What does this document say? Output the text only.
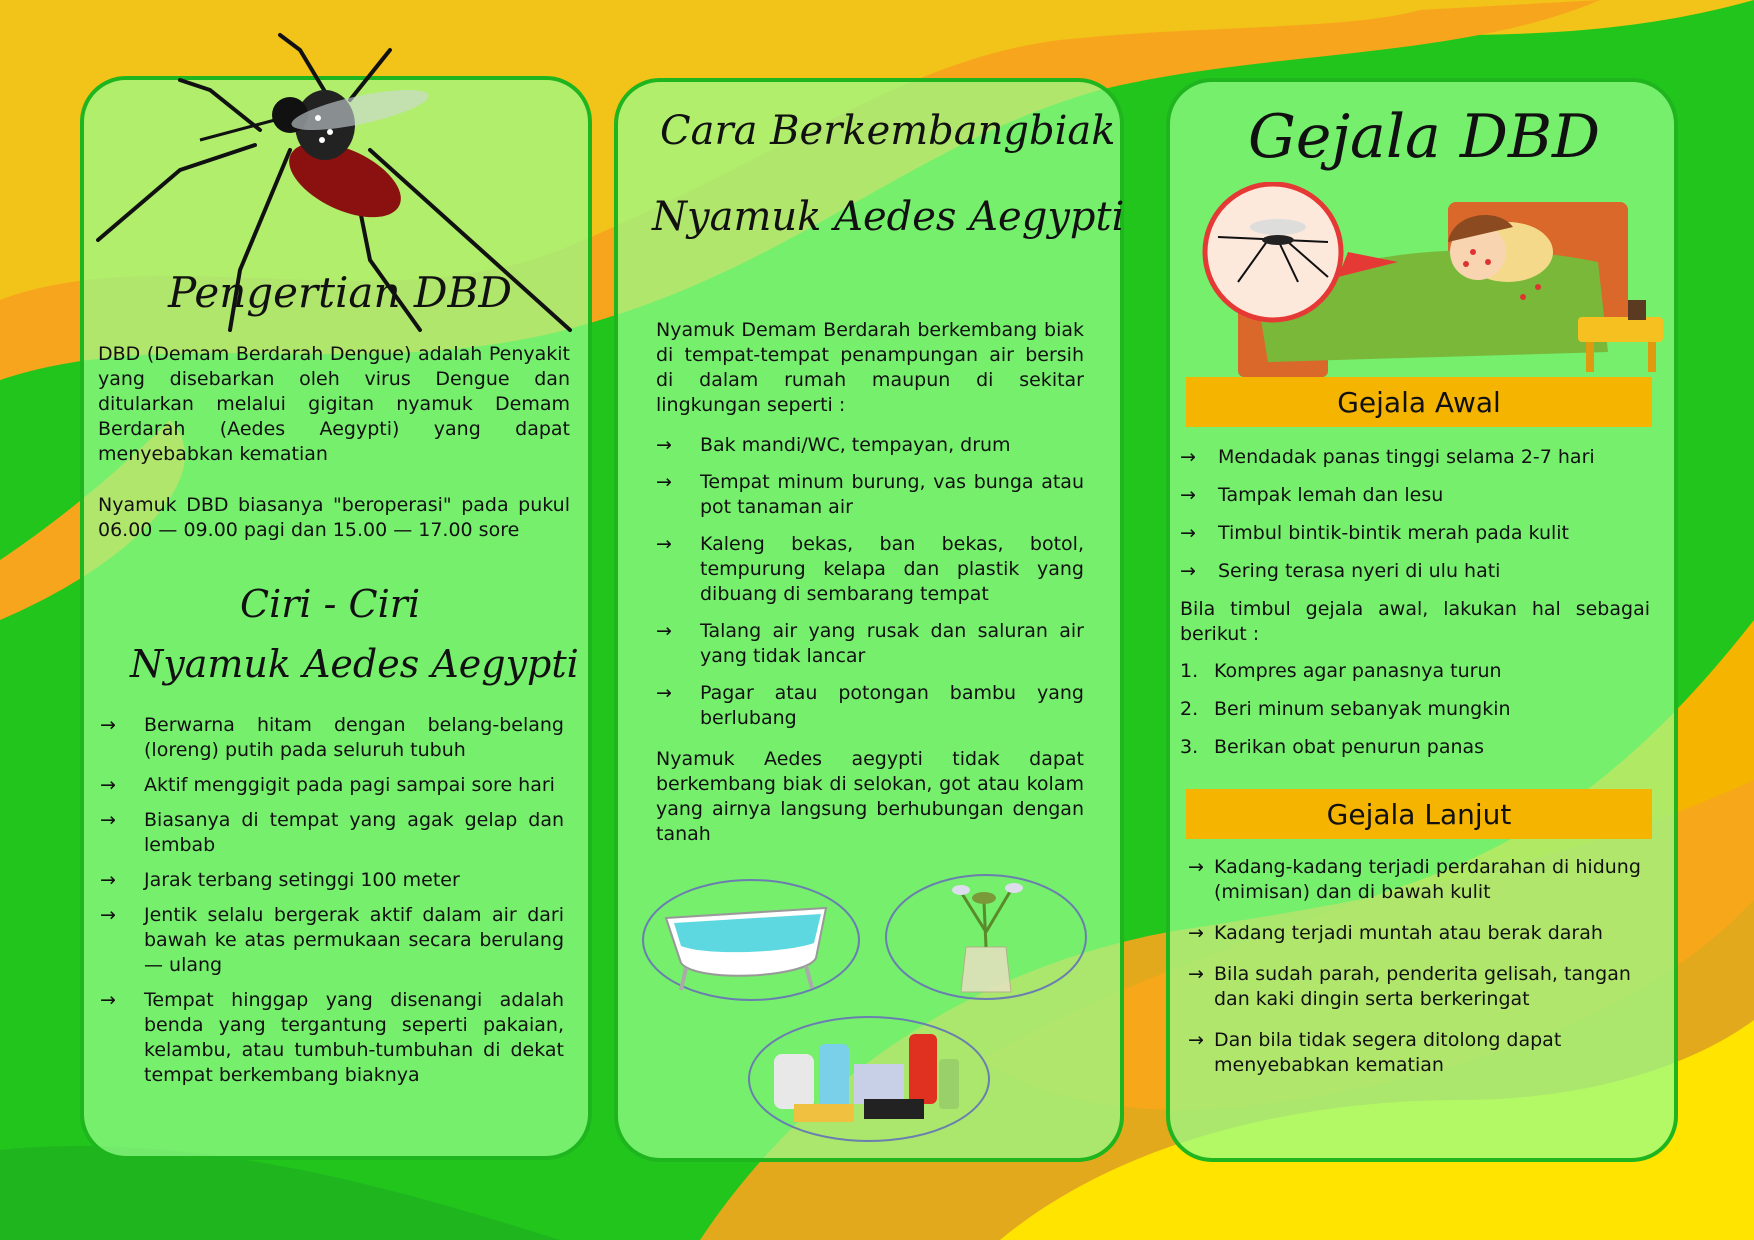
Pengertian DBD

DBD (Demam Berdarah Dengue) adalah Penyakit yang disebarkan oleh virus Dengue dan ditularkan melalui gigitan nyamuk Demam Berdarah (Aedes Aegypti) yang dapat menyebabkan kematian

Nyamuk DBD biasanya "beroperasi" pada pukul 06.00 — 09.00 pagi dan 15.00 — 17.00 sore

Ciri - Ciri
Nyamuk Aedes Aegypti
→ Berwarna hitam dengan belang-belang (loreng) putih pada seluruh tubuh
→ Aktif menggigit pada pagi sampai sore hari
→ Biasanya di tempat yang agak gelap dan lembab
→ Jarak terbang setinggi 100 meter
→ Jentik selalu bergerak aktif dalam air dari bawah ke atas permukaan secara berulang — ulang
→ Tempat hinggap yang disenangi adalah benda yang tergantung seperti pakaian, kelambu, atau tumbuh-tumbuhan di dekat tempat berkembang biaknya
Cara Berkembangbiak
Nyamuk Aedes Aegypti

Nyamuk Demam Berdarah berkembang biak di tempat-tempat penampungan air bersih di dalam rumah maupun di sekitar lingkungan seperti :

→ Bak mandi/WC, tempayan, drum
→ Tempat minum burung, vas bunga atau pot tanaman air
→ Kaleng bekas, ban bekas, botol, tempurung kelapa dan plastik yang dibuang di sembarang tempat
→ Talang air yang rusak dan saluran air yang tidak lancar
→ Pagar atau potongan bambu yang berlubang

Nyamuk Aedes aegypti tidak dapat berkembang biak di selokan, got atau kolam yang airnya langsung berhubungan dengan tanah

Gejala DBD
Gejala Awal
→ Mendadak panas tinggi selama 2-7 hari
→ Tampak lemah dan lesu
→ Timbul bintik-bintik merah pada kulit
→ Sering terasa nyeri di ulu hati

Bila timbul gejala awal, lakukan hal sebagai berikut :

1. Kompres agar panasnya turun
2. Beri minum sebanyak mungkin
3. Berikan obat penurun panas
Gejala Lanjut
→ Kadang-kadang terjadi perdarahan di hidung (mimisan) dan di bawah kulit
→ Kadang terjadi muntah atau berak darah
→ Bila sudah parah, penderita gelisah, tangan dan kaki dingin serta berkeringat
→ Dan bila tidak segera ditolong dapat menyebabkan kematian
